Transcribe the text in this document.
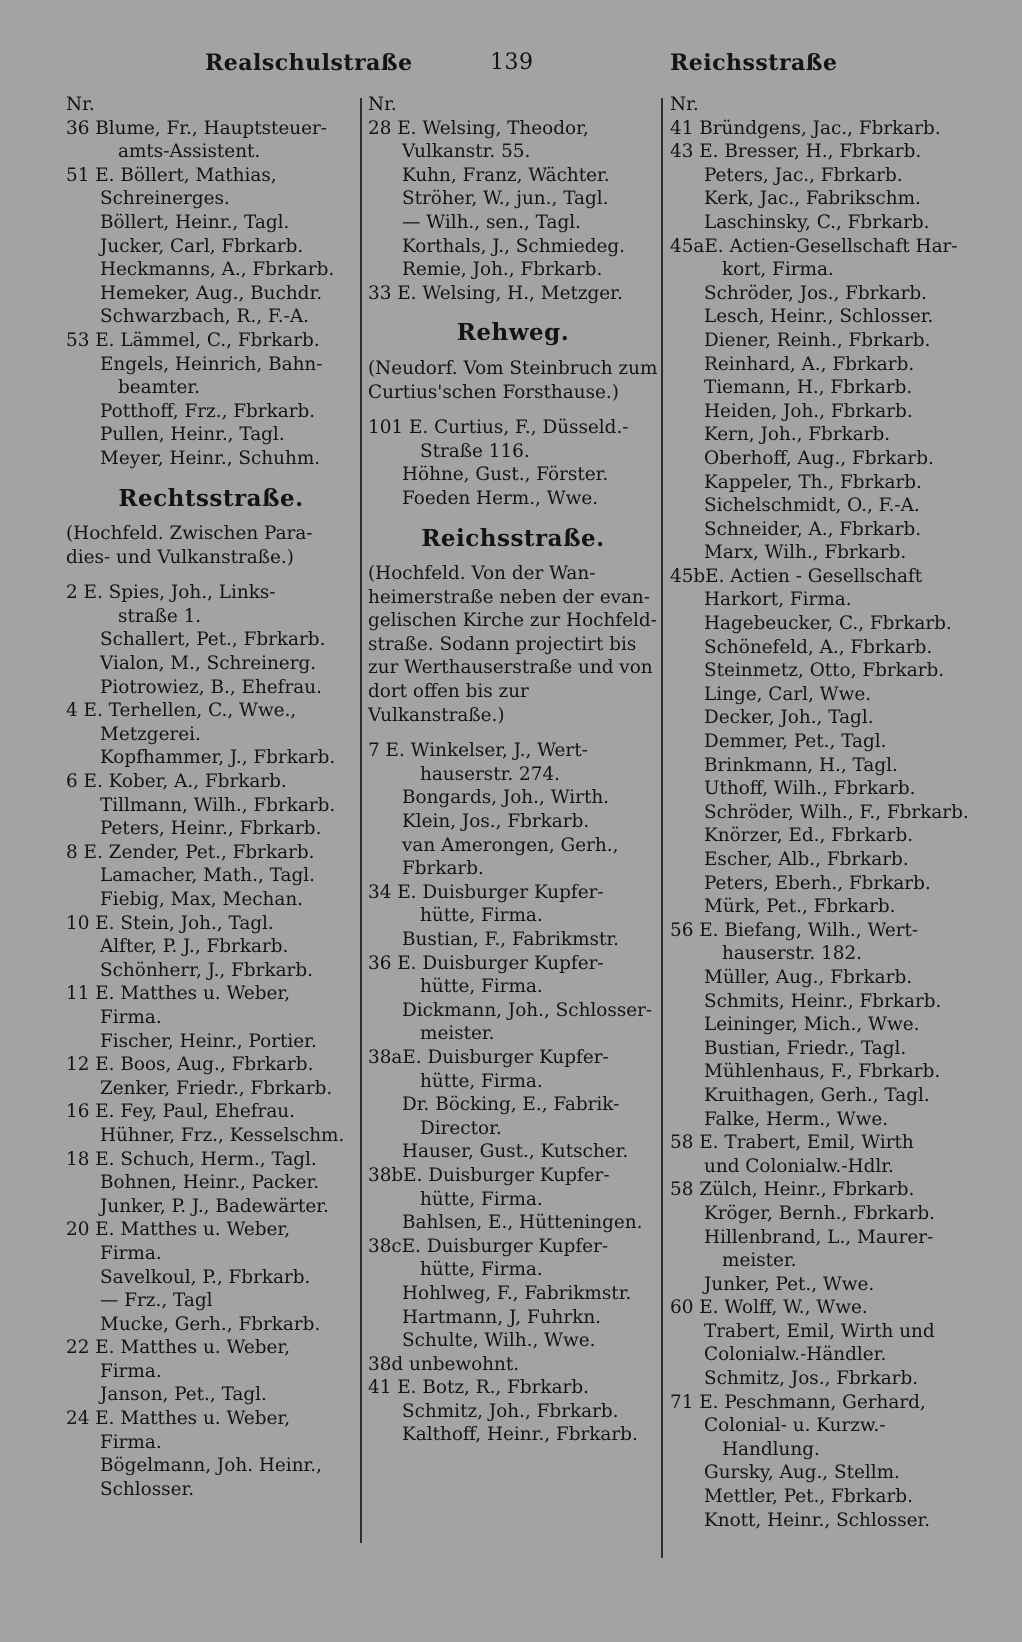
Realschulstraße	139	Reichsstraße
Nr.
36 Blume, Fr., Hauptsteuer-
amts-Assistent.
51 E. Böllert, Mathias,
Schreinerges.
Böllert, Heinr., Tagl.
Jucker, Carl, Fbrkarb.
Heckmanns, A., Fbrkarb.
Hemeker, Aug., Buchdr.
Schwarzbach, R., F.-A.
53 E. Lämmel, C., Fbrkarb.
Engels, Heinrich, Bahn-
beamter.
Potthoff, Frz., Fbrkarb.
Pullen, Heinr., Tagl.
Meyer, Heinr., Schuhm.
Rechtsstraße.
(Hochfeld. Zwischen Para- dies- und Vulkanstraße.)
2 E. Spies, Joh., Links-
straße 1.
Schallert, Pet., Fbrkarb.
Vialon, M., Schreinerg.
Piotrowiez, B., Ehefrau.
4 E. Terhellen, C., Wwe.,
Metzgerei.
Kopfhammer, J., Fbrkarb.
6 E. Kober, A., Fbrkarb.
Tillmann, Wilh., Fbrkarb.
Peters, Heinr., Fbrkarb.
8 E. Zender, Pet., Fbrkarb.
Lamacher, Math., Tagl.
Fiebig, Max, Mechan.
10 E. Stein, Joh., Tagl.
Alfter, P. J., Fbrkarb.
Schönherr, J., Fbrkarb.
11 E. Matthes u. Weber,
Firma.
Fischer, Heinr., Portier.
12 E. Boos, Aug., Fbrkarb.
Zenker, Friedr., Fbrkarb.
16 E. Fey, Paul, Ehefrau.
Hühner, Frz., Kesselschm.
18 E. Schuch, Herm., Tagl.
Bohnen, Heinr., Packer.
Junker, P. J., Badewärter.
20 E. Matthes u. Weber,
Firma.
Savelkoul, P., Fbrkarb.
— Frz., Tagl
Mucke, Gerh., Fbrkarb.
22 E. Matthes u. Weber,
Firma.
Janson, Pet., Tagl.
24 E. Matthes u. Weber,
Firma.
Bögelmann, Joh. Heinr.,
Schlosser.
Nr.
28 E. Welsing, Theodor,
Vulkanstr. 55.
Kuhn, Franz, Wächter.
Ströher, W., jun., Tagl.
— Wilh., sen., Tagl.
Korthals, J., Schmiedeg.
Remie, Joh., Fbrkarb.
33 E. Welsing, H., Metzger.
Rehweg.
(Neudorf. Vom Steinbruch zum Curtius'schen Forsthause.)
101 E. Curtius, F., Düsseld.-
Straße 116.
Höhne, Gust., Förster.
Foeden Herm., Wwe.
Reichsstraße.
(Hochfeld. Von der Wan- heimerstraße neben der evan- gelischen Kirche zur Hochfeld- straße. Sodann projectirt bis zur Werthauserstraße und von dort offen bis zur Vulkanstraße.)
7 E. Winkelser, J., Wert-
hauserstr. 274.
Bongards, Joh., Wirth.
Klein, Jos., Fbrkarb.
van Amerongen, Gerh.,
Fbrkarb.
34 E. Duisburger Kupfer-
hütte, Firma.
Bustian, F., Fabrikmstr.
36 E. Duisburger Kupfer-
hütte, Firma.
Dickmann, Joh., Schlosser-
meister.
38aE. Duisburger Kupfer-
hütte, Firma.
Dr. Böcking, E., Fabrik-
Director.
Hauser, Gust., Kutscher.
38bE. Duisburger Kupfer-
hütte, Firma.
Bahlsen, E., Hütteningen.
38cE. Duisburger Kupfer-
hütte, Firma.
Hohlweg, F., Fabrikmstr.
Hartmann, J, Fuhrkn.
Schulte, Wilh., Wwe.
38d unbewohnt.
41 E. Botz, R., Fbrkarb.
Schmitz, Joh., Fbrkarb.
Kalthoff, Heinr., Fbrkarb.
Nr.
41 Bründgens, Jac., Fbrkarb.
43 E. Bresser, H., Fbrkarb.
Peters, Jac., Fbrkarb.
Kerk, Jac., Fabrikschm.
Laschinsky, C., Fbrkarb.
45aE. Actien-Gesellschaft Har-
kort, Firma.
Schröder, Jos., Fbrkarb.
Lesch, Heinr., Schlosser.
Diener, Reinh., Fbrkarb.
Reinhard, A., Fbrkarb.
Tiemann, H., Fbrkarb.
Heiden, Joh., Fbrkarb.
Kern, Joh., Fbrkarb.
Oberhoff, Aug., Fbrkarb.
Kappeler, Th., Fbrkarb.
Sichelschmidt, O., F.-A.
Schneider, A., Fbrkarb.
Marx, Wilh., Fbrkarb.
45bE. Actien - Gesellschaft
Harkort, Firma.
Hagebeucker, C., Fbrkarb.
Schönefeld, A., Fbrkarb.
Steinmetz, Otto, Fbrkarb.
Linge, Carl, Wwe.
Decker, Joh., Tagl.
Demmer, Pet., Tagl.
Brinkmann, H., Tagl.
Uthoff, Wilh., Fbrkarb.
Schröder, Wilh., F., Fbrkarb.
Knörzer, Ed., Fbrkarb.
Escher, Alb., Fbrkarb.
Peters, Eberh., Fbrkarb.
Mürk, Pet., Fbrkarb.
56 E. Biefang, Wilh., Wert-
hauserstr. 182.
Müller, Aug., Fbrkarb.
Schmits, Heinr., Fbrkarb.
Leininger, Mich., Wwe.
Bustian, Friedr., Tagl.
Mühlenhaus, F., Fbrkarb.
Kruithagen, Gerh., Tagl.
Falke, Herm., Wwe.
58 E. Trabert, Emil, Wirth
und Colonialw.-Hdlr.
58 Zülch, Heinr., Fbrkarb.
Kröger, Bernh., Fbrkarb.
Hillenbrand, L., Maurer-
meister.
Junker, Pet., Wwe.
60 E. Wolff, W., Wwe.
Trabert, Emil, Wirth und
Colonialw.-Händler.
Schmitz, Jos., Fbrkarb.
71 E. Peschmann, Gerhard,
Colonial- u. Kurzw.-
Handlung.
Gursky, Aug., Stellm.
Mettler, Pet., Fbrkarb.
Knott, Heinr., Schlosser.
